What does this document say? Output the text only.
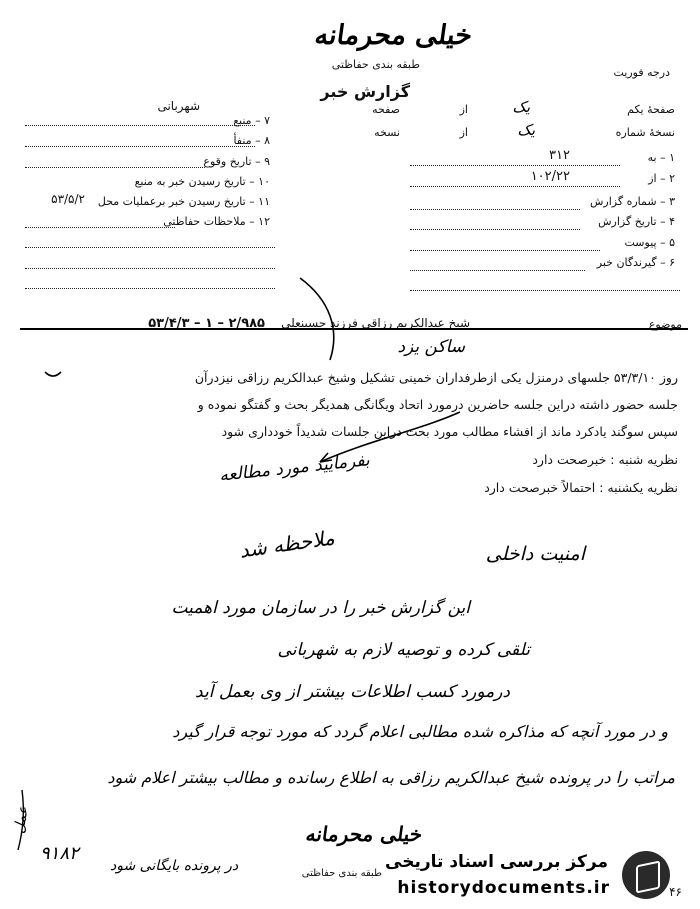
خیلی محرمانه
طبقه بندی حفاظتی
گزارش خبر
درجه فوریت
صفحهٔ یکم
یک
از
صفحه
نسخهٔ شماره
یک
از
نسخه
۱ – به
۳۱۲
۲ – از
۱۰۲/۲۲
۳ – شماره گزارش
۴ – تاریخ گزارش
۵ – پیوست
۶ – گیرندگان خبر
۷ – منبع
شهربانی
۸ – منفأ
۹ – تاریخ وقوع
۱۰ – تاریخ رسیدن خبر به منبع
۱۱ – تاریخ رسیدن خبر برعملیات محل
۵۳/۵/۲
۱۲ – ملاحظات حفاظتی
موضوع
شیخ عبدالکریم رزاقی فرزند حسینعلی
۵۳/۴/۳ – ۱ – ۲/۹۸۵
ساکن یزد
روز ۵۳/۳/۱۰ جلسهای درمنزل یکی ازطرفداران خمینی تشکیل وشیخ عبدالکریم رزاقی نیزدرآن
جلسه حضور داشته دراین جلسه حاضرین درمورد اتحاد ویگانگی همدیگر بحث و گفتگو نموده و
سپس سوگند یادکرد ماند از افشاء مطالب مورد بحث دراین جلسات شدیداً خودداری شود
نظریه شنبه : خبرصحت دارد
نظریه یکشنبه : احتمالاً خبرصحت دارد
بفرمایید مورد مطالعه
ملاحظه شد	امنیت داخلی
این گزارش خبر را در سازمان مورد اهمیت
تلقی کرده و توصیه لازم به شهربانی
درمورد کسب اطلاعات بیشتر از وی بعمل آید
و در مورد آنچه که مذاکره شده مطالبی اعلام گردد که مورد توجه قرار گیرد
مراتب را در پرونده شیخ عبدالکریم رزاقی به اطلاع رسانده و مطالب بیشتر اعلام شود
عمل
۹۱۸۲
در پرونده بایگانی شود
خیلی محرمانه
طبقه بندی حفاظتی
مرکز بررسی اسناد تاریخی
historydocuments.ir	۴۶
